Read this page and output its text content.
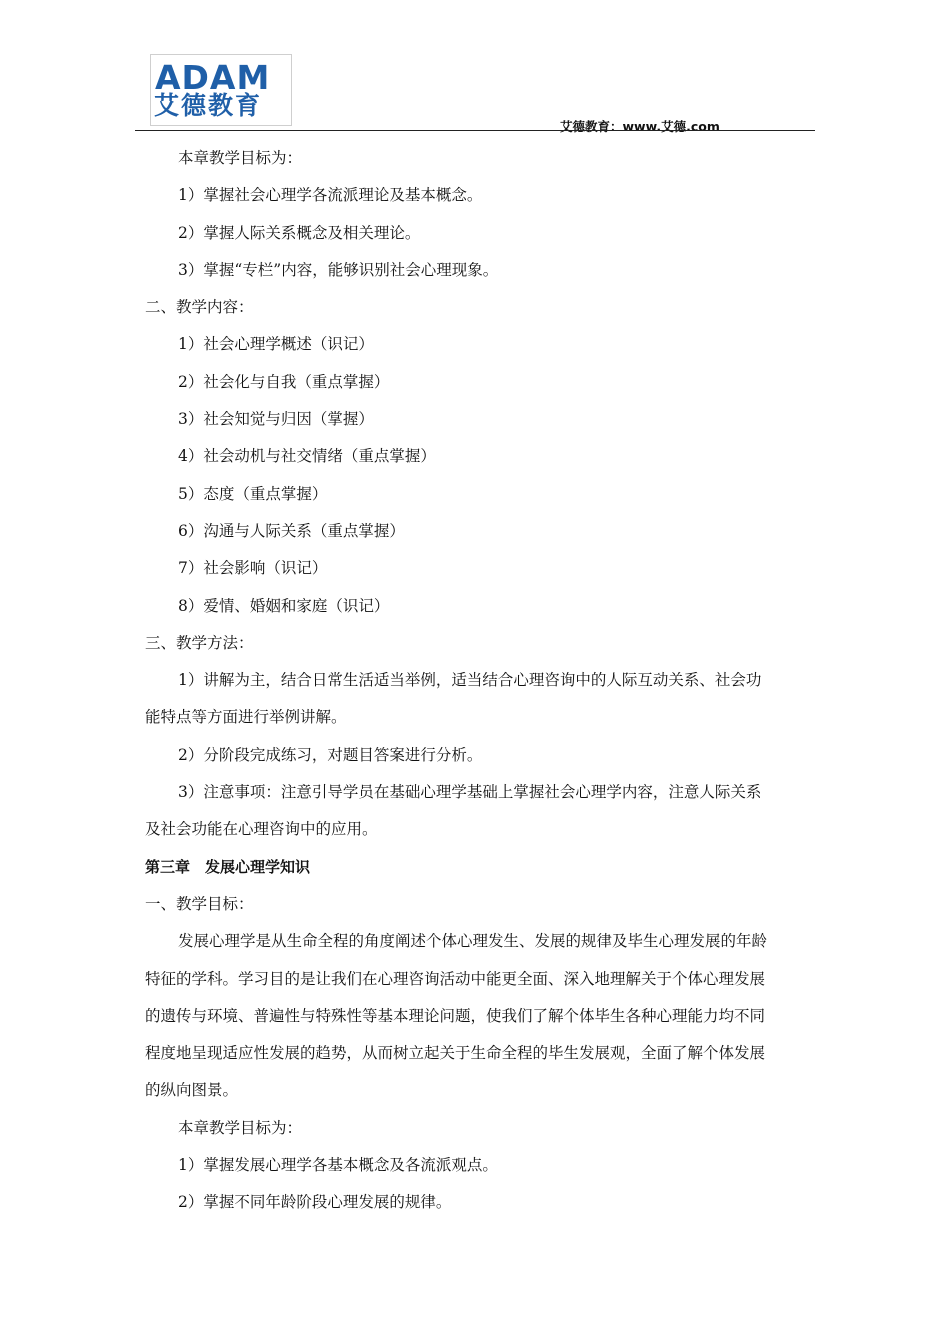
ADAM
艾德教育
艾德教育：www.艾德.com

本章教学目标为：

1）掌握社会心理学各流派理论及基本概念。

2）掌握人际关系概念及相关理论。

3）掌握“专栏”内容，能够识别社会心理现象。

二、教学内容：

1）社会心理学概述（识记）

2）社会化与自我（重点掌握）

3）社会知觉与归因（掌握）

4）社会动机与社交情绪（重点掌握）

5）态度（重点掌握）

6）沟通与人际关系（重点掌握）

7）社会影响（识记）

8）爱情、婚姻和家庭（识记）

三、教学方法：

1）讲解为主，结合日常生活适当举例，适当结合心理咨询中的人际互动关系、社会功

能特点等方面进行举例讲解。

2）分阶段完成练习，对题目答案进行分析。

3）注意事项：注意引导学员在基础心理学基础上掌握社会心理学内容，注意人际关系

及社会功能在心理咨询中的应用。

第三章　发展心理学知识

一、教学目标：

发展心理学是从生命全程的角度阐述个体心理发生、发展的规律及毕生心理发展的年龄

特征的学科。学习目的是让我们在心理咨询活动中能更全面、深入地理解关于个体心理发展

的遗传与环境、普遍性与特殊性等基本理论问题，使我们了解个体毕生各种心理能力均不同

程度地呈现适应性发展的趋势，从而树立起关于生命全程的毕生发展观，全面了解个体发展

的纵向图景。

本章教学目标为：

1）掌握发展心理学各基本概念及各流派观点。

2）掌握不同年龄阶段心理发展的规律。
